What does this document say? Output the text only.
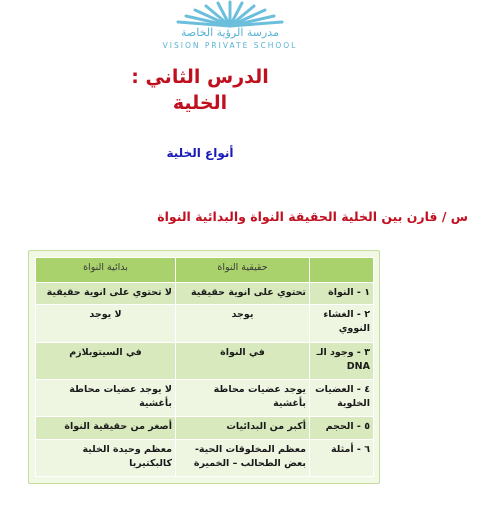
مدرسة الرؤية الخاصة
VISION PRIVATE SCHOOL
الدرس الثاني :
الخلية
أنواع الخلية
س / قارن بين الخلية الحقيقة النواة والبدائية النواة
	حقيقية النواة	بدائية النواة
١ - النواة	تحتوي على انوية حقيقية	لا تحتوي على انوية حقيقية
٢ - الغشاء النووي	يوجد	لا يوجد
٣ - وجود الـ DNA	في النواة	في السيتوبلازم
٤ - العضيات الخلوية	يوجد عضيات محاطة بأغشية	لا يوجد عضيات محاطة بأغشية
٥ - الحجم	أكبر من البدائيات	أصغر من حقيقية النواة
٦ - أمثلة	معظم المخلوقات الحية- بعض الطحالب – الخميرة	معظم وحيدة الخلية كالبكتيريا
